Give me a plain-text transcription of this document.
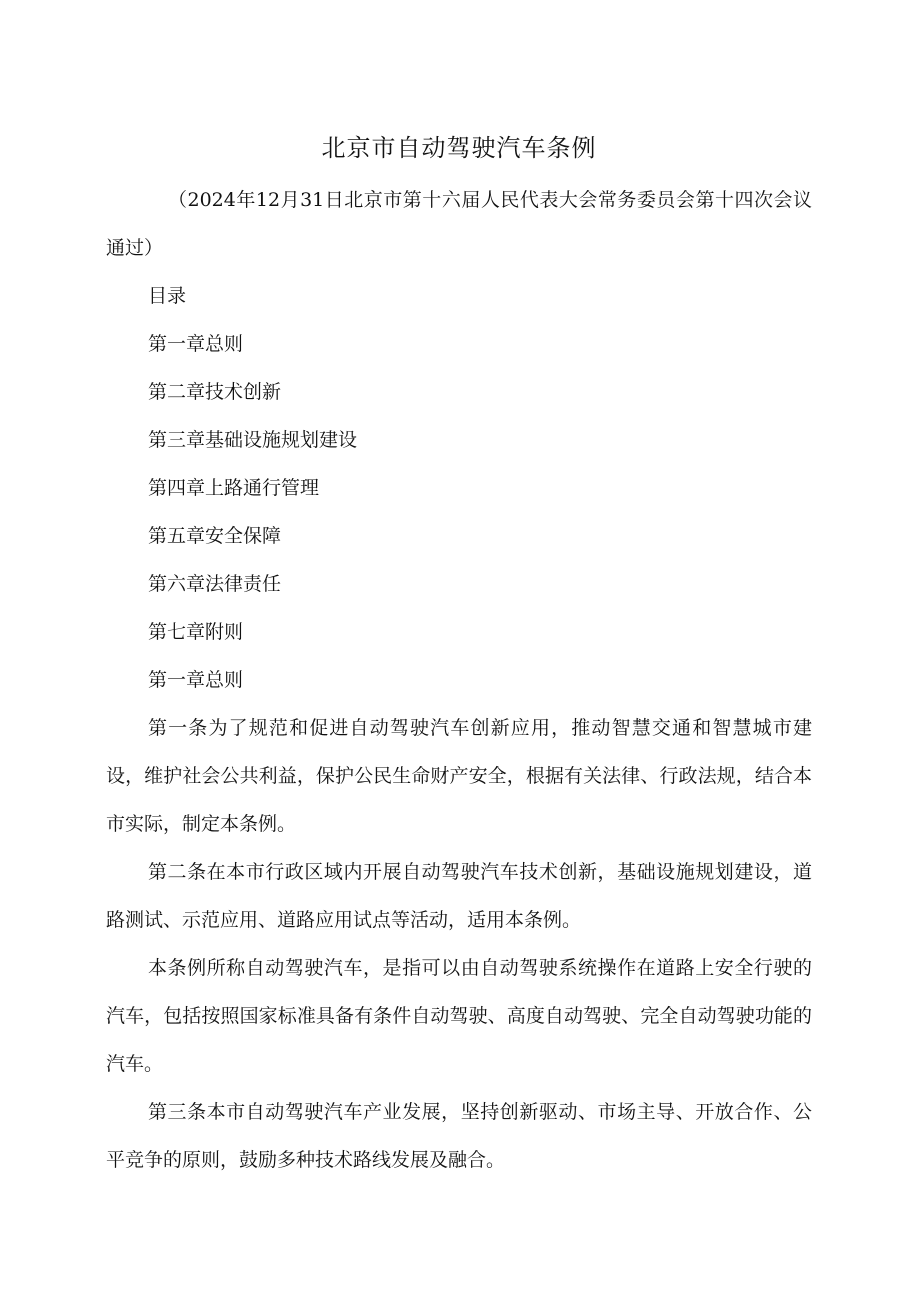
北京市自动驾驶汽车条例

（2024年12月31日北京市第十六届人民代表大会常务委员会第十四次会议通过）

目录

第一章总则
第二章技术创新
第三章基础设施规划建设
第四章上路通行管理
第五章安全保障
第六章法律责任
第七章附则

第一章总则

第一条为了规范和促进自动驾驶汽车创新应用，推动智慧交通和智慧城市建设，维护社会公共利益，保护公民生命财产安全，根据有关法律、行政法规，结合本市实际，制定本条例。

第二条在本市行政区域内开展自动驾驶汽车技术创新，基础设施规划建设，道路测试、示范应用、道路应用试点等活动，适用本条例。

本条例所称自动驾驶汽车，是指可以由自动驾驶系统操作在道路上安全行驶的汽车，包括按照国家标准具备有条件自动驾驶、高度自动驾驶、完全自动驾驶功能的汽车。

第三条本市自动驾驶汽车产业发展，坚持创新驱动、市场主导、开放合作、公平竞争的原则，鼓励多种技术路线发展及融合。
